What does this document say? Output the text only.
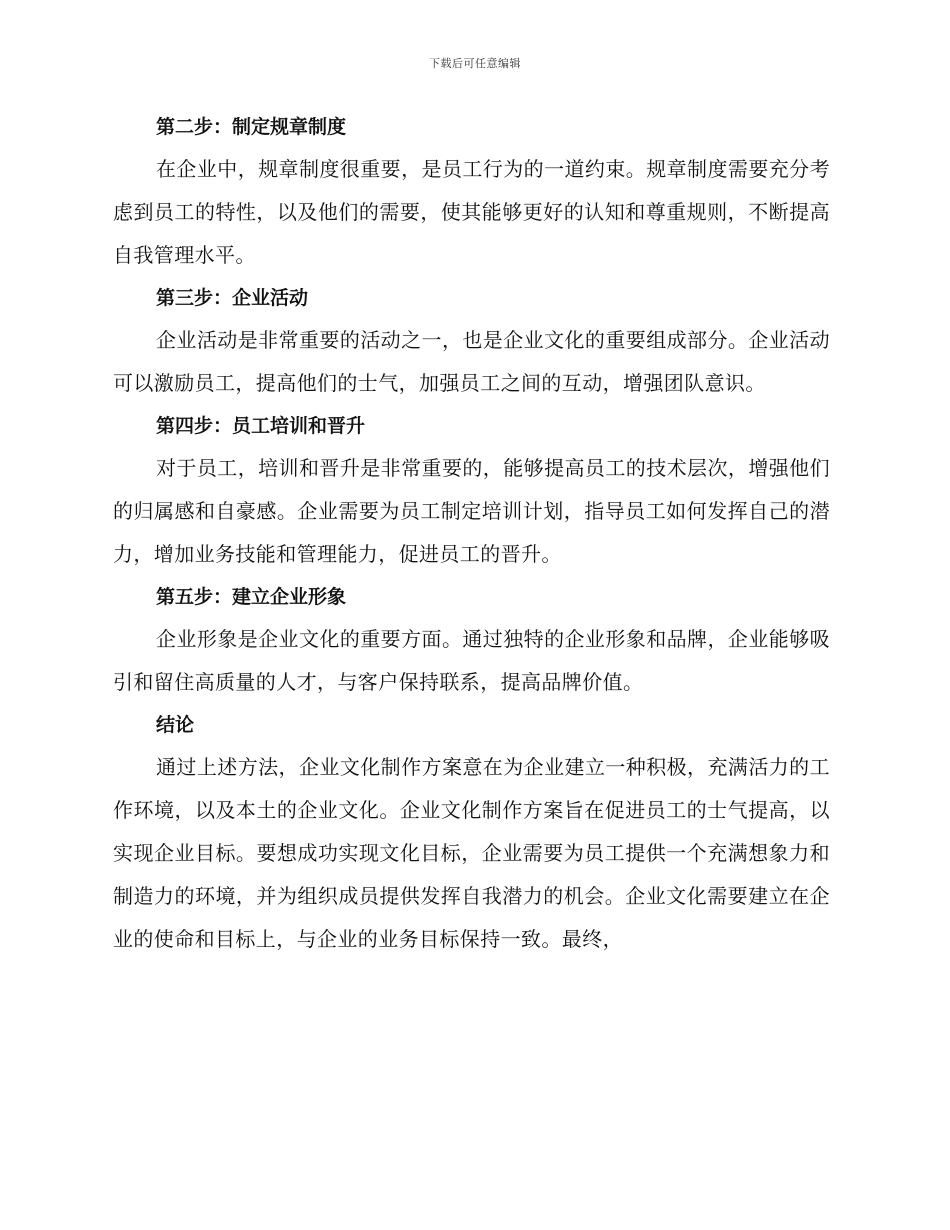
下载后可任意编辑
第二步：制定规章制度
在企业中，规章制度很重要，是员工行为的一道约束。规章制度需要充分考虑到员工的特性，以及他们的需要，使其能够更好的认知和尊重规则，不断提高自我管理水平。
第三步：企业活动
企业活动是非常重要的活动之一，也是企业文化的重要组成部分。企业活动可以激励员工，提高他们的士气，加强员工之间的互动，增强团队意识。
第四步：员工培训和晋升
对于员工，培训和晋升是非常重要的，能够提高员工的技术层次，增强他们的归属感和自豪感。企业需要为员工制定培训计划，指导员工如何发挥自己的潜力，增加业务技能和管理能力，促进员工的晋升。
第五步：建立企业形象
企业形象是企业文化的重要方面。通过独特的企业形象和品牌，企业能够吸引和留住高质量的人才，与客户保持联系，提高品牌价值。
结论
通过上述方法，企业文化制作方案意在为企业建立一种积极，充满活力的工作环境，以及本土的企业文化。企业文化制作方案旨在促进员工的士气提高，以实现企业目标。要想成功实现文化目标，企业需要为员工提供一个充满想象力和制造力的环境，并为组织成员提供发挥自我潜力的机会。企业文化需要建立在企业的使命和目标上，与企业的业务目标保持一致。最终，
